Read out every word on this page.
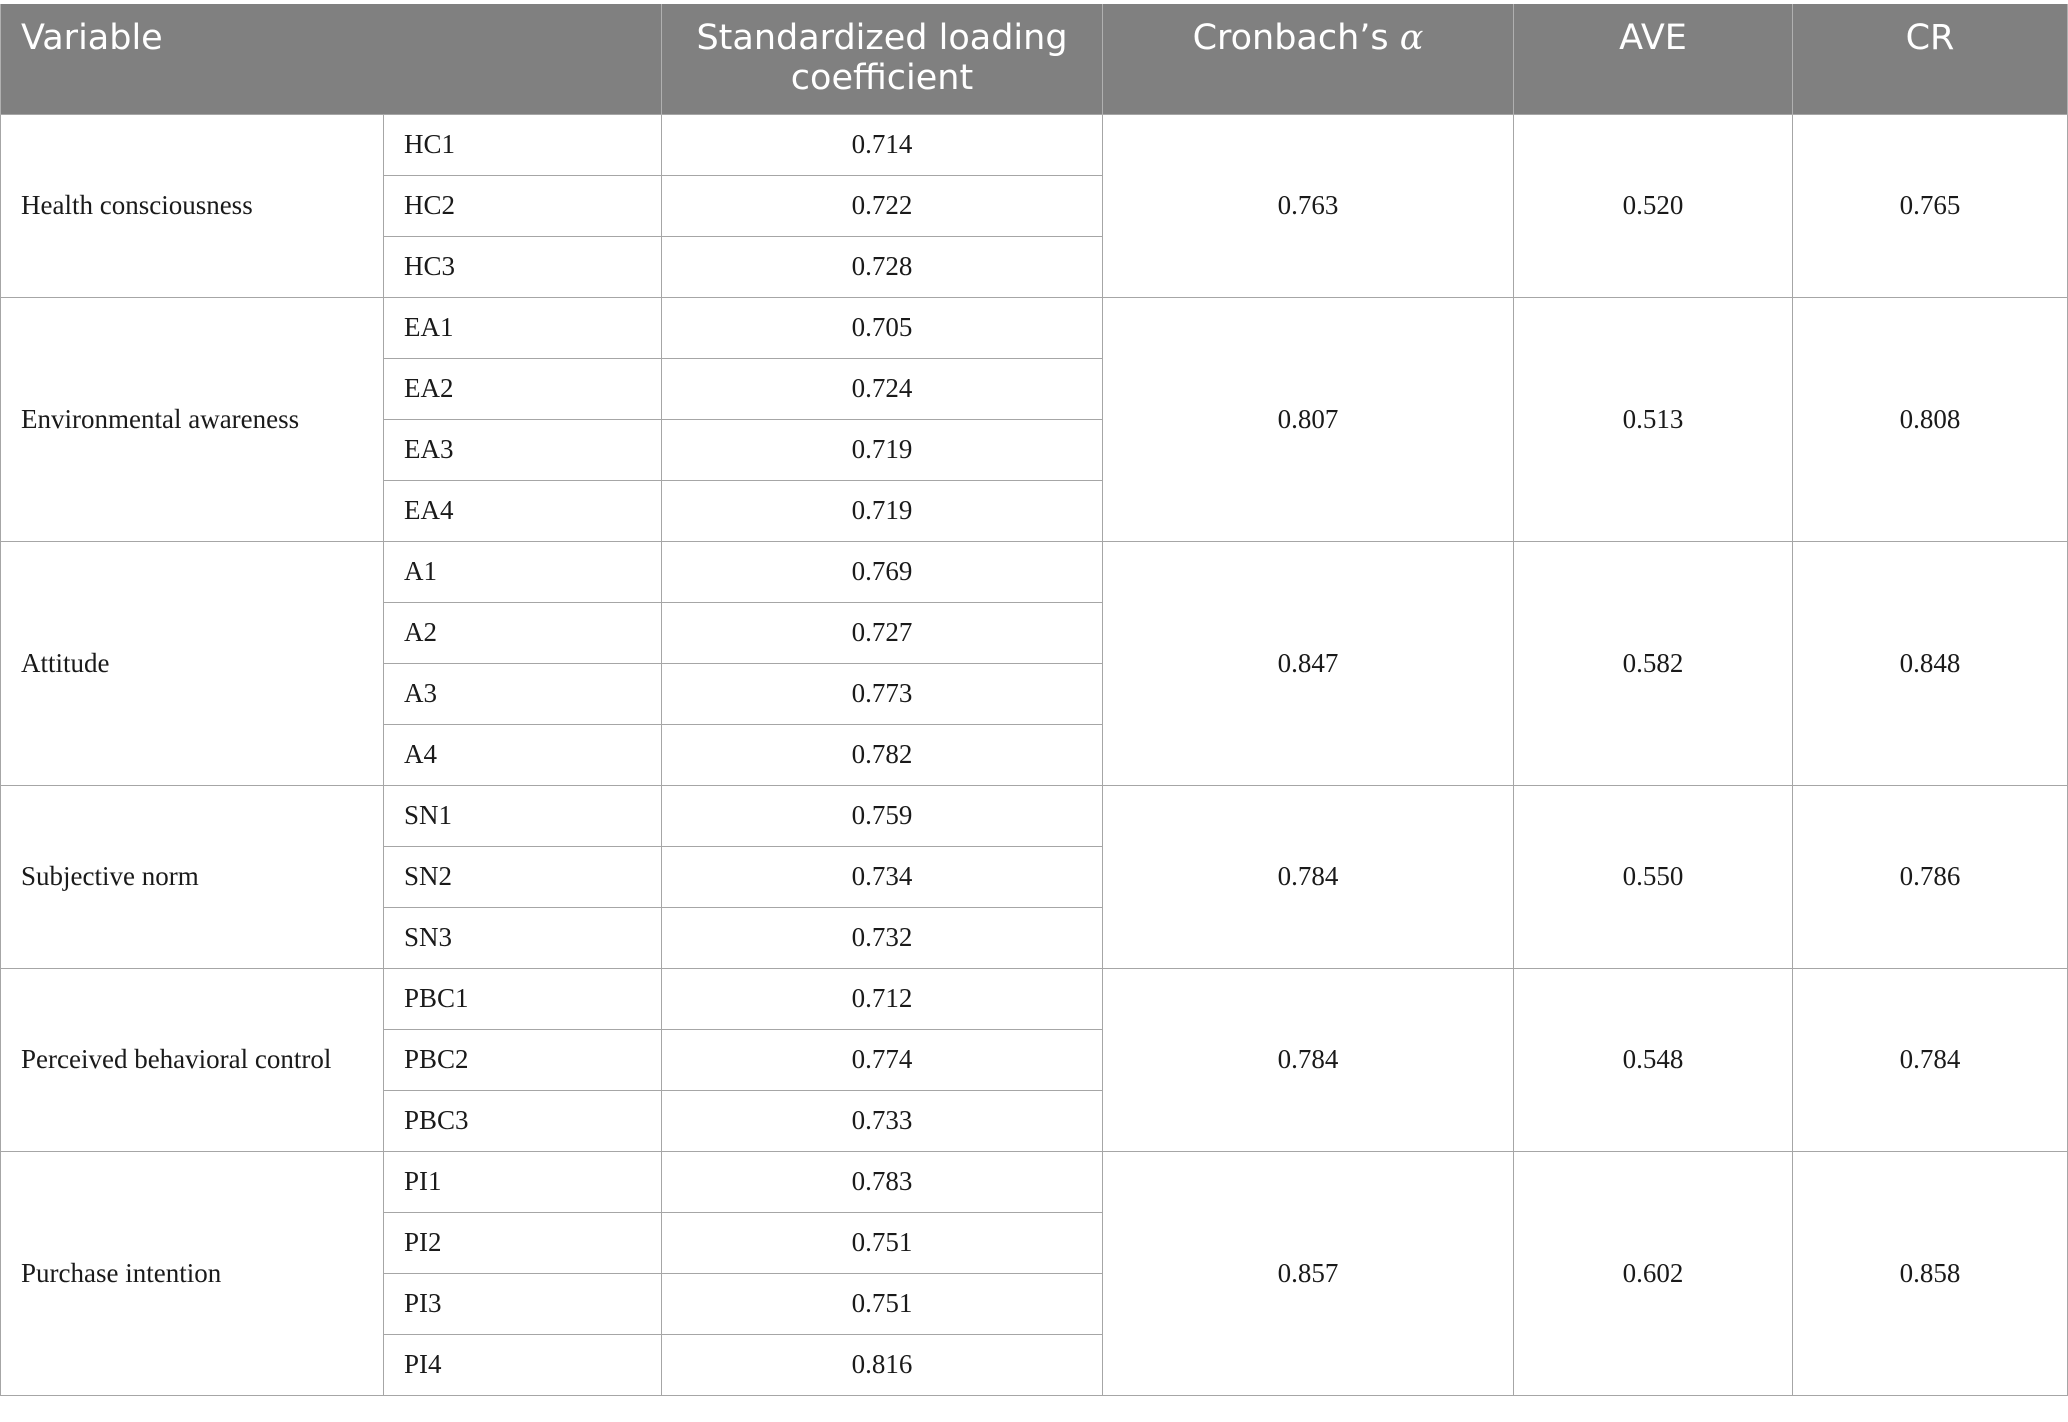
Variable		Standardized loading coefficient	Cronbach’s α	AVE	CR
Health consciousness	HC1	0.714	0.763	0.520	0.765
	HC2	0.722			
	HC3	0.728			
Environmental awareness	EA1	0.705	0.807	0.513	0.808
	EA2	0.724			
	EA3	0.719			
	EA4	0.719			
Attitude	A1	0.769	0.847	0.582	0.848
	A2	0.727			
	A3	0.773			
	A4	0.782			
Subjective norm	SN1	0.759	0.784	0.550	0.786
	SN2	0.734			
	SN3	0.732			
Perceived behavioral control	PBC1	0.712	0.784	0.548	0.784
	PBC2	0.774			
	PBC3	0.733			
Purchase intention	PI1	0.783	0.857	0.602	0.858
	PI2	0.751			
	PI3	0.751			
	PI4	0.816			
